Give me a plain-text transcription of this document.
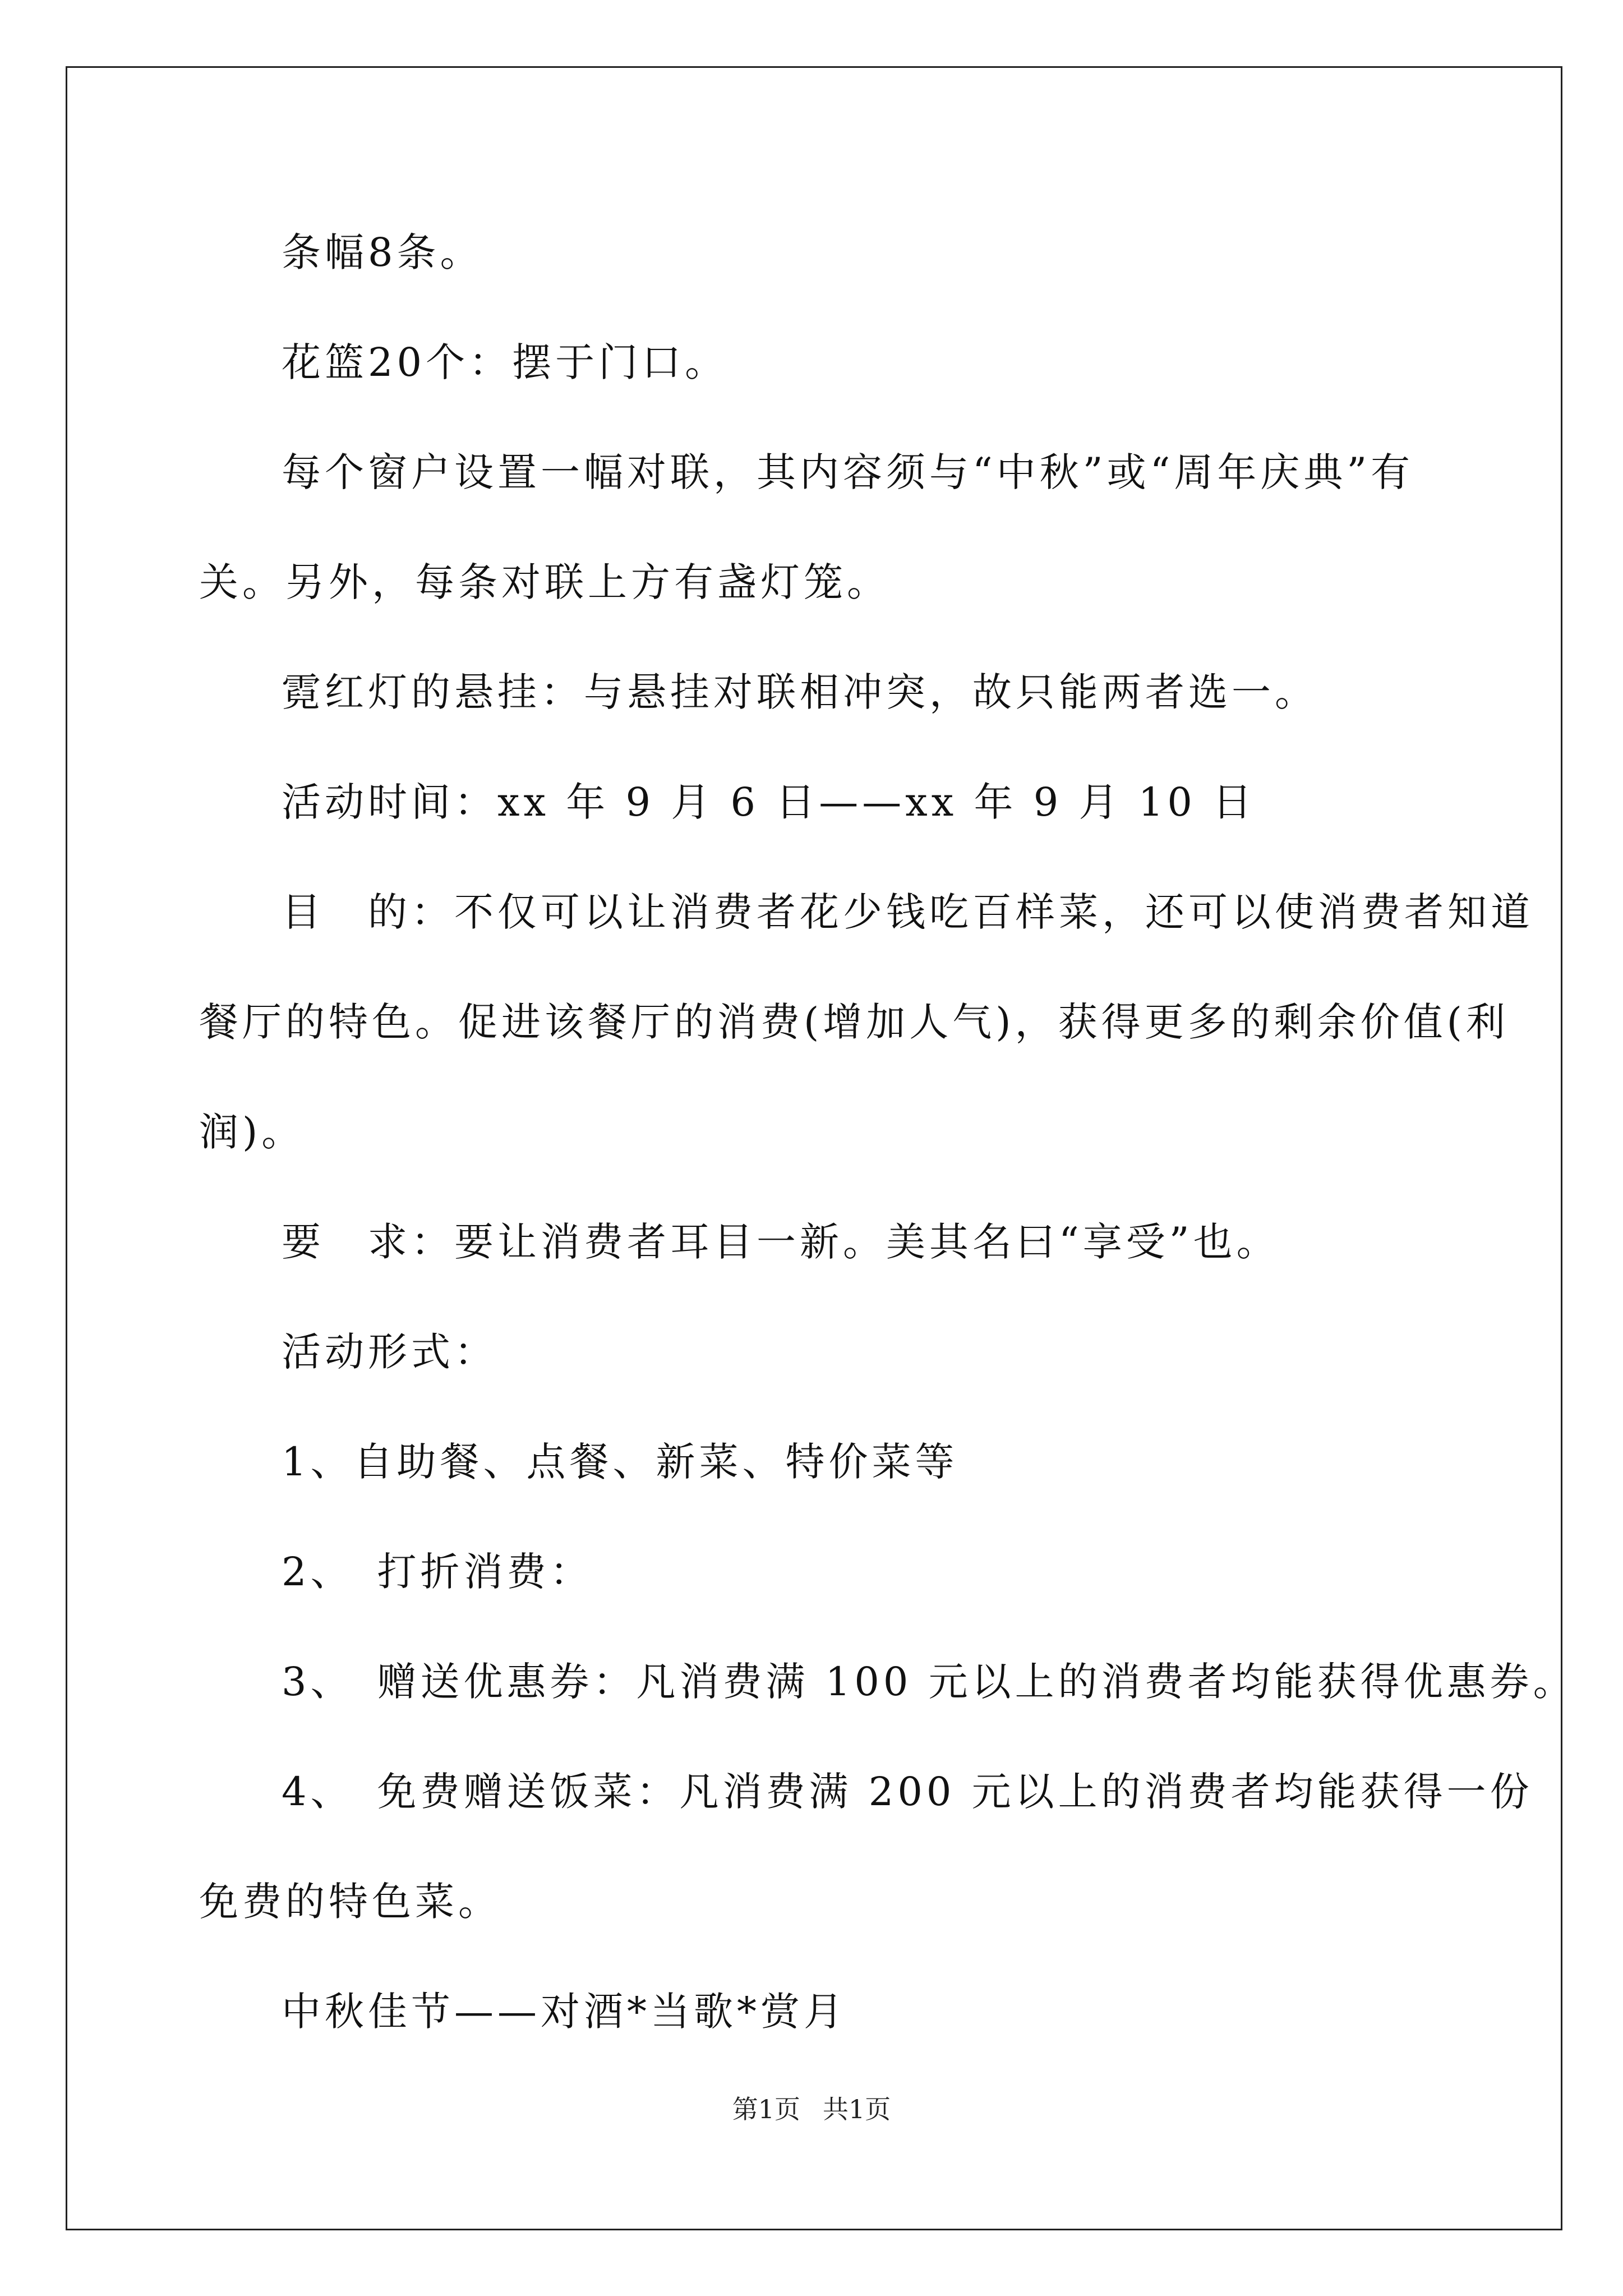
条幅8条。
花篮20个：摆于门口。
每个窗户设置一幅对联，其内容须与“中秋”或“周年庆典”有
关。另外，每条对联上方有盏灯笼。
霓红灯的悬挂：与悬挂对联相冲突，故只能两者选一。
活动时间：xx 年 9 月 6 日——xx 年 9 月 10 日
目　的：不仅可以让消费者花少钱吃百样菜，还可以使消费者知道
餐厅的特色。促进该餐厅的消费(增加人气)，获得更多的剩余价值(利
润)。
要　求：要让消费者耳目一新。美其名曰“享受”也。
活动形式：
1、自助餐、点餐、新菜、特价菜等
2、　打折消费：
3、　赠送优惠券：凡消费满 100 元以上的消费者均能获得优惠券。
4、　免费赠送饭菜：凡消费满 200 元以上的消费者均能获得一份
免费的特色菜。
中秋佳节——对酒*当歌*赏月
第1页 共1页
